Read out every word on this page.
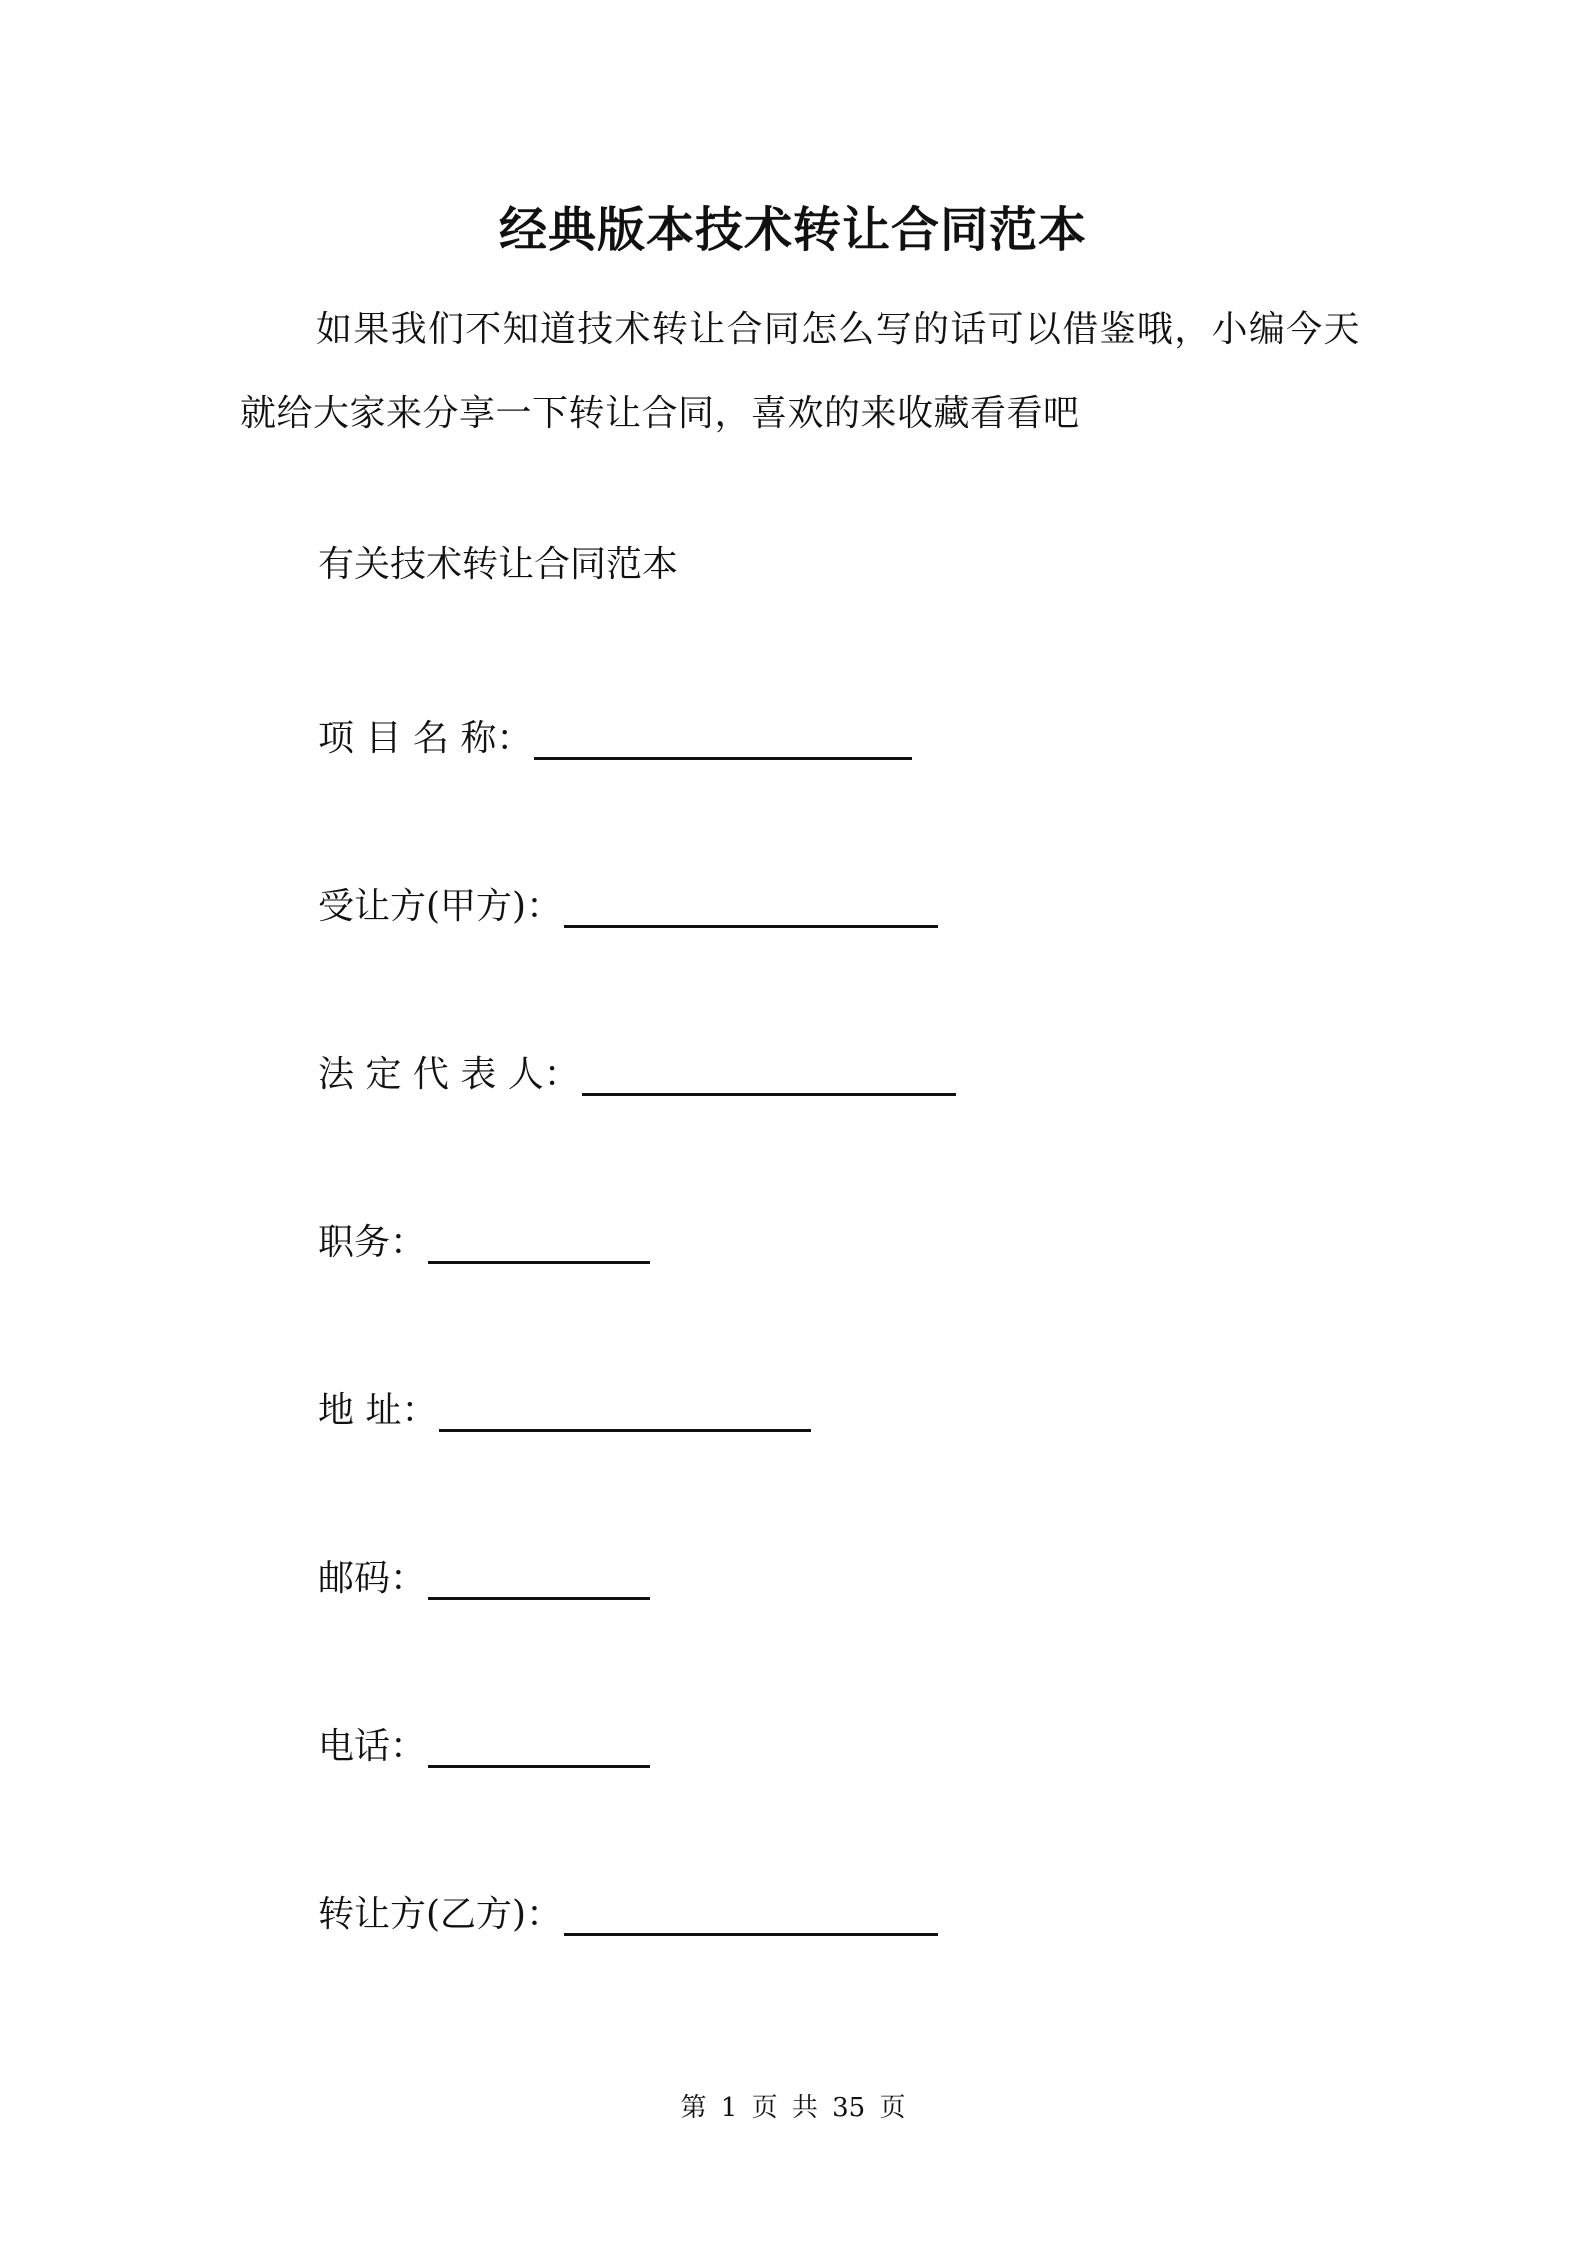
经典版本技术转让合同范本
如果我们不知道技术转让合同怎么写的话可以借鉴哦，小编今天就给大家来分享一下转让合同，喜欢的来收藏看看吧
有关技术转让合同范本
项 目 名 称：
受让方(甲方)：
法 定 代 表 人：
职务：
地 址：
邮码：
电话：
转让方(乙方)：
第 1 页 共 35 页
